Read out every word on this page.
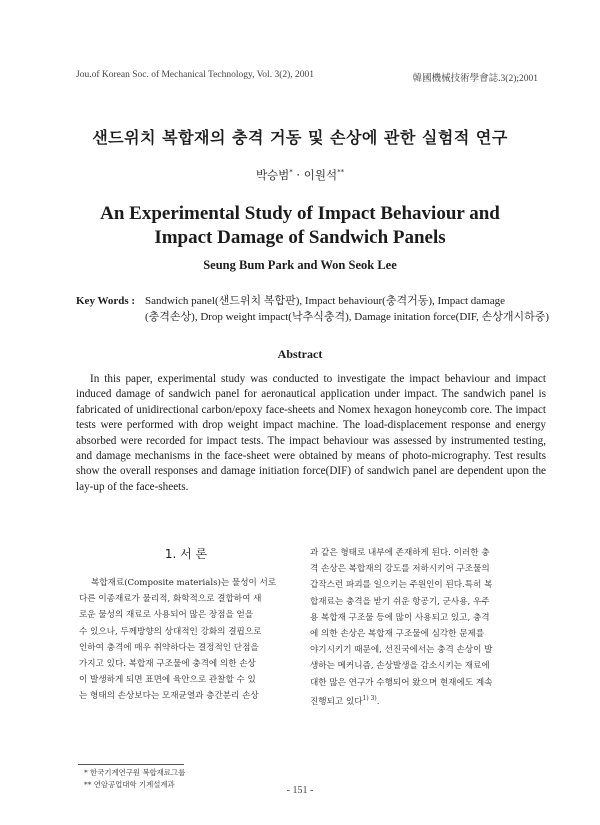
Jou.of Korean Soc. of Mechanical Technology, Vol. 3(2), 2001	韓國機械技術學會誌.3(2);2001
샌드위치 복합재의 충격 거동 및 손상에 관한 실험적 연구
박승범* · 이원석**
An Experimental Study of Impact Behaviour and
Impact Damage of Sandwich Panels
Seung Bum Park and Won Seok Lee
Key Words : Sandwich panel(샌드위치 복합판), Impact behaviour(충격거동), Impact damage
(충격손상), Drop weight impact(낙추식충격), Damage initation force(DIF, 손상개시하중)
Abstract

In this paper, experimental study was conducted to investigate the impact behaviour and impact induced damage of sandwich panel for aeronautical application under impact. The sandwich panel is fabricated of unidirectional carbon/epoxy face-sheets and Nomex hexagon honeycomb core. The impact tests were performed with drop weight impact machine. The load-displacement response and energy absorbed were recorded for impact tests. The impact behaviour was assessed by instrumented testing, and damage mechanisms in the face-sheet were obtained by means of photo-micrography. Test results show the overall responses and damage initiation force(DIF) of sandwich panel are dependent upon the lay-up of the face-sheets.

1. 서 론
복합재료(Composite materials)는 물성이 서로
다른 이종재료가 물리적, 화학적으로 결합하여 새
로운 물성의 재료로 사용되어 많은 장점을 얻을
수 있으나, 두께방향의 상대적인 강화의 결핍으로
인하여 충격에 매우 취약하다는 결정적인 단점을
가지고 있다. 복합재 구조물에 충격에 의한 손상
이 발생하게 되면 표면에 육안으로 관찰할 수 있
는 형태의 손상보다는 모재균열과 층간분리 손상
과 같은 형태로 내부에 존재하게 된다. 이러한 충
격 손상은 복합재의 강도를 저하시키어 구조물의
갑작스런 파괴를 일으키는 주원인이 된다.특히 복
합재료는 충격을 받기 쉬운 항공기, 군사용, 우주
용 복합재 구조물 등에 많이 사용되고 있고, 충격
에 의한 손상은 복합재 구조물에 심각한 문제를
야기시키기 때문에, 선진국에서는 충격 손상이 발
생하는 메커니즘, 손상발생을 감소시키는 재료에
대한 많은 연구가 수행되어 왔으며 현재에도 계속
진행되고 있다$^{1) 3)}$.
* 한국기계연구원 복합재료그룹
** 연암공업대학 기계설계과
- 151 -
